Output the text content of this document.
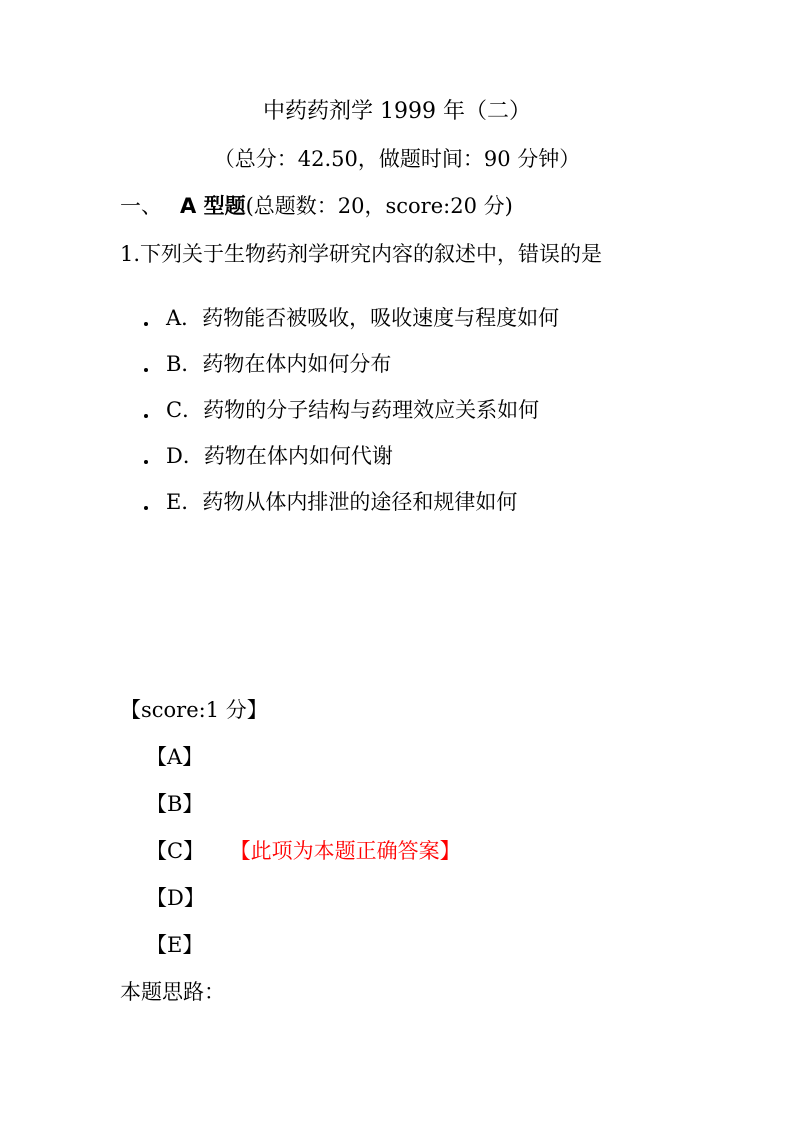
中药药剂学 1999 年（二）
（总分：42.50，做题时间：90 分钟）
一、 A 型题(总题数：20，score:20 分)
1.下列关于生物药剂学研究内容的叙述中，错误的是
A．药物能否被吸收，吸收速度与程度如何
B．药物在体内如何分布
C．药物的分子结构与药理效应关系如何
D．药物在体内如何代谢
E．药物从体内排泄的途径和规律如何
【score:1 分】
【A】
【B】
【C】 【此项为本题正确答案】
【D】
【E】
本题思路：
